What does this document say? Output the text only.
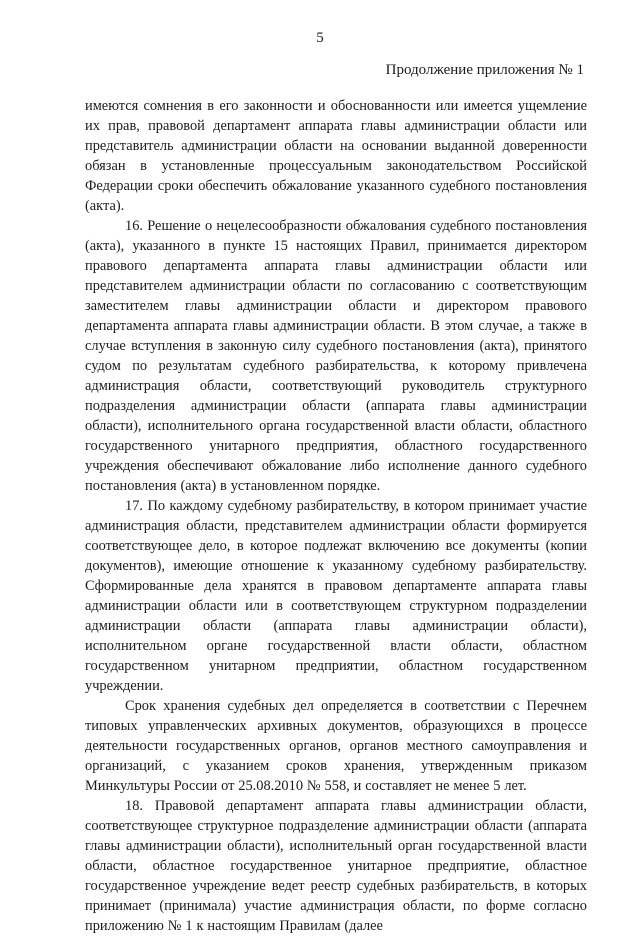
5
Продолжение приложения № 1

имеются сомнения в его законности и обоснованности или имеется ущемление их прав, правовой департамент аппарата главы администрации области или представитель администрации области на основании выданной доверенности обязан в установленные процессуальным законодательством Российской Федерации сроки обеспечить обжалование указанного судебного постановления (акта).

16. Решение о нецелесообразности обжалования судебного постановления (акта), указанного в пункте 15 настоящих Правил, принимается директором правового департамента аппарата главы администрации области или представителем администрации области по согласованию с соответствующим заместителем главы администрации области и директором правового департамента аппарата главы администрации области. В этом случае, а также в случае вступления в законную силу судебного постановления (акта), принятого судом по результатам судебного разбирательства, к которому привлечена администрация области, соответствующий руководитель структурного подразделения администрации области (аппарата главы администрации области), исполнительного органа государственной власти области, областного государственного унитарного предприятия, областного государственного учреждения обеспечивают обжалование либо исполнение данного судебного постановления (акта) в установленном порядке.

17. По каждому судебному разбирательству, в котором принимает участие администрация области, представителем администрации области формируется соответствующее дело, в которое подлежат включению все документы (копии документов), имеющие отношение к указанному судебному разбирательству. Сформированные дела хранятся в правовом департаменте аппарата главы администрации области или в соответствующем структурном подразделении администрации области (аппарата главы администрации области), исполнительном органе государственной власти области, областном государственном унитарном предприятии, областном государственном учреждении.

Срок хранения судебных дел определяется в соответствии с Перечнем типовых управленческих архивных документов, образующихся в процессе деятельности государственных органов, органов местного самоуправления и организаций, с указанием сроков хранения, утвержденным приказом Минкультуры России от 25.08.2010 № 558, и составляет не менее 5 лет.

18. Правовой департамент аппарата главы администрации области, соответствующее структурное подразделение администрации области (аппарата главы администрации области), исполнительный орган государственной власти области, областное государственное унитарное предприятие, областное государственное учреждение ведет реестр судебных разбирательств, в которых принимает (принимала) участие администрация области, по форме согласно приложению № 1 к настоящим Правилам (далее
